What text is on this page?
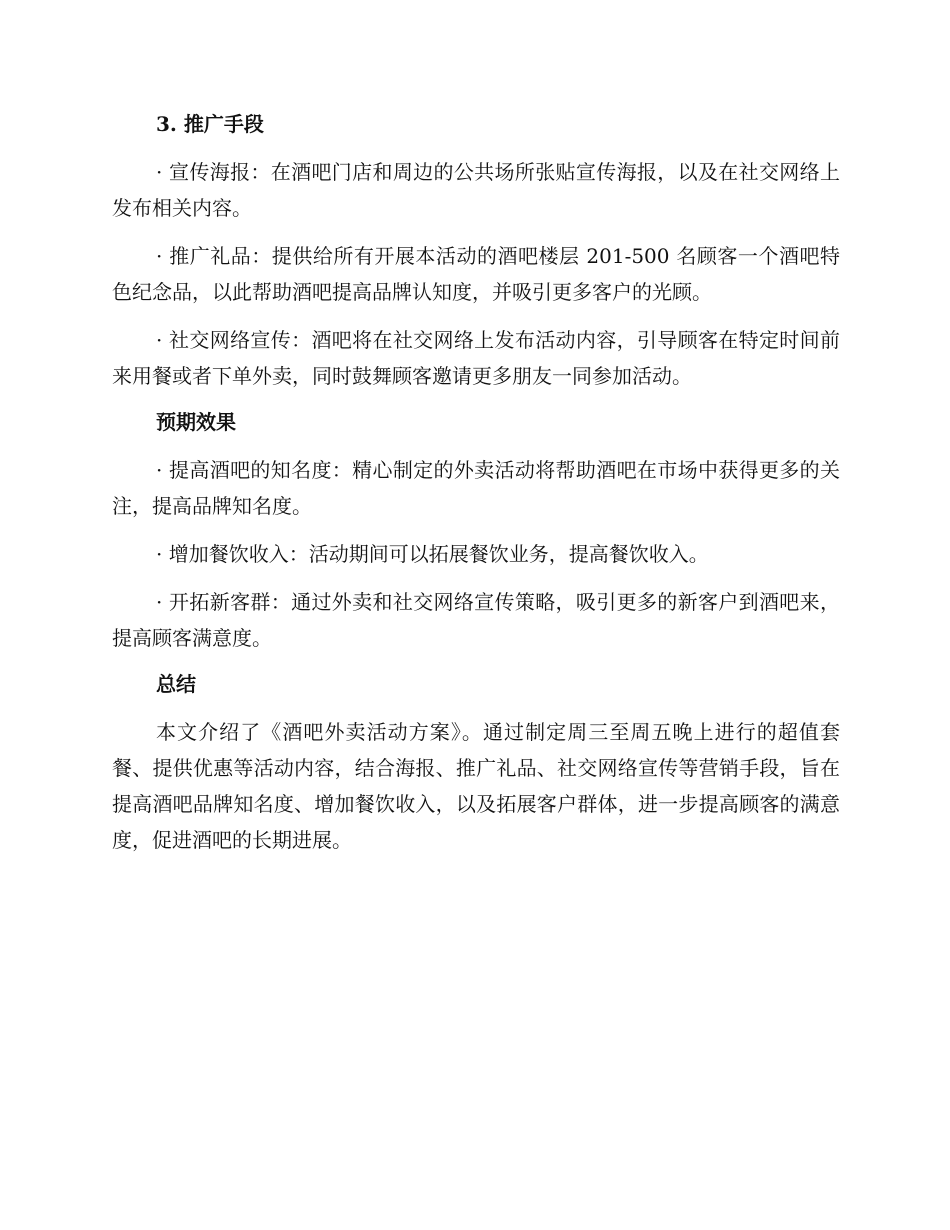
3. 推广手段

· 宣传海报：在酒吧门店和周边的公共场所张贴宣传海报，以及在社交网络上发布相关内容。

· 推广礼品：提供给所有开展本活动的酒吧楼层 201-500 名顾客一个酒吧特色纪念品，以此帮助酒吧提高品牌认知度，并吸引更多客户的光顾。

· 社交网络宣传：酒吧将在社交网络上发布活动内容，引导顾客在特定时间前来用餐或者下单外卖，同时鼓舞顾客邀请更多朋友一同参加活动。

预期效果

· 提高酒吧的知名度：精心制定的外卖活动将帮助酒吧在市场中获得更多的关注，提高品牌知名度。

· 增加餐饮收入：活动期间可以拓展餐饮业务，提高餐饮收入。

· 开拓新客群：通过外卖和社交网络宣传策略，吸引更多的新客户到酒吧来，提高顾客满意度。

总结

本文介绍了《酒吧外卖活动方案》。通过制定周三至周五晚上进行的超值套餐、提供优惠等活动内容，结合海报、推广礼品、社交网络宣传等营销手段，旨在提高酒吧品牌知名度、增加餐饮收入，以及拓展客户群体，进一步提高顾客的满意度，促进酒吧的长期进展。
